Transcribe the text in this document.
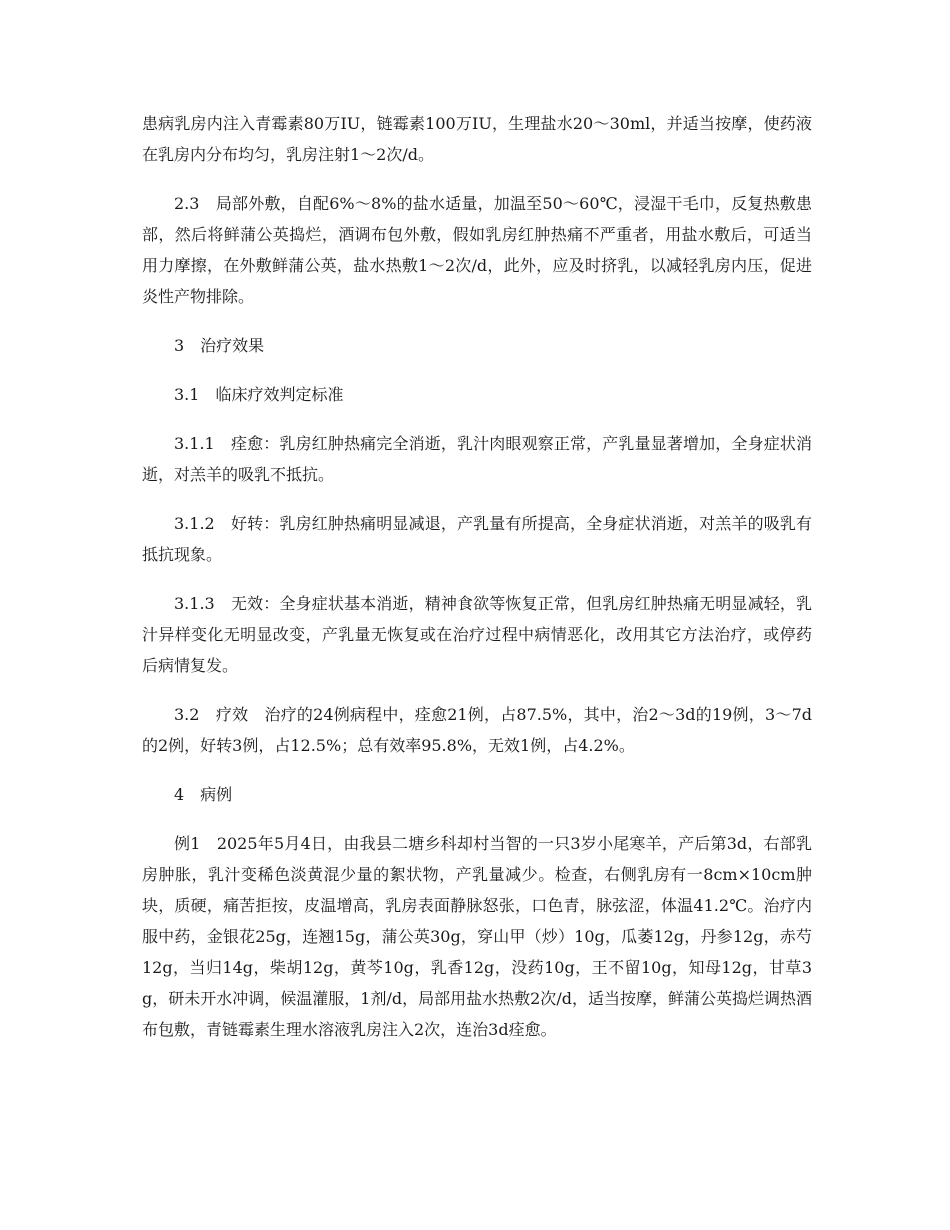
患病乳房内注入青霉素80万IU，链霉素100万IU，生理盐水20～30ml，并适当按摩，使药液在乳房内分布均匀，乳房注射1～2次/d。

2.3　局部外敷，自配6%～8%的盐水适量，加温至50～60℃，浸湿干毛巾，反复热敷患部，然后将鲜蒲公英捣烂，酒调布包外敷，假如乳房红肿热痛不严重者，用盐水敷后，可适当用力摩擦，在外敷鲜蒲公英，盐水热敷1～2次/d，此外，应及时挤乳，以减轻乳房内压，促进炎性产物排除。

3　治疗效果

3.1　临床疗效判定标准

3.1.1　痊愈：乳房红肿热痛完全消逝，乳汁肉眼观察正常，产乳量显著增加，全身症状消逝，对羔羊的吸乳不抵抗。

3.1.2　好转：乳房红肿热痛明显减退，产乳量有所提高，全身症状消逝，对羔羊的吸乳有抵抗现象。

3.1.3　无效：全身症状基本消逝，精神食欲等恢复正常，但乳房红肿热痛无明显减轻，乳汁异样变化无明显改变，产乳量无恢复或在治疗过程中病情恶化，改用其它方法治疗，或停药后病情复发。

3.2　疗效　治疗的24例病程中，痊愈21例，占87.5%，其中，治2～3d的19例，3～7d的2例，好转3例，占12.5%；总有效率95.8%，无效1例，占4.2%。

4　病例

例1　2025年5月4日，由我县二塘乡科却村当智的一只3岁小尾寒羊，产后第3d，右部乳房肿胀，乳汁变稀色淡黄混少量的絮状物，产乳量减少。检查，右侧乳房有一8cm×10cm肿块，质硬，痛苦拒按，皮温增高，乳房表面静脉怒张，口色青，脉弦涩，体温41.2℃。治疗内服中药，金银花25g，连翘15g，蒲公英30g，穿山甲（炒）10g，瓜萎12g，丹参12g，赤芍12g，当归14g，柴胡12g，黄芩10g，乳香12g，没药10g，王不留10g，知母12g，甘草3g，研未开水冲调，候温灌服，1剂/d，局部用盐水热敷2次/d，适当按摩，鲜蒲公英捣烂调热酒布包敷，青链霉素生理水溶液乳房注入2次，连治3d痊愈。
